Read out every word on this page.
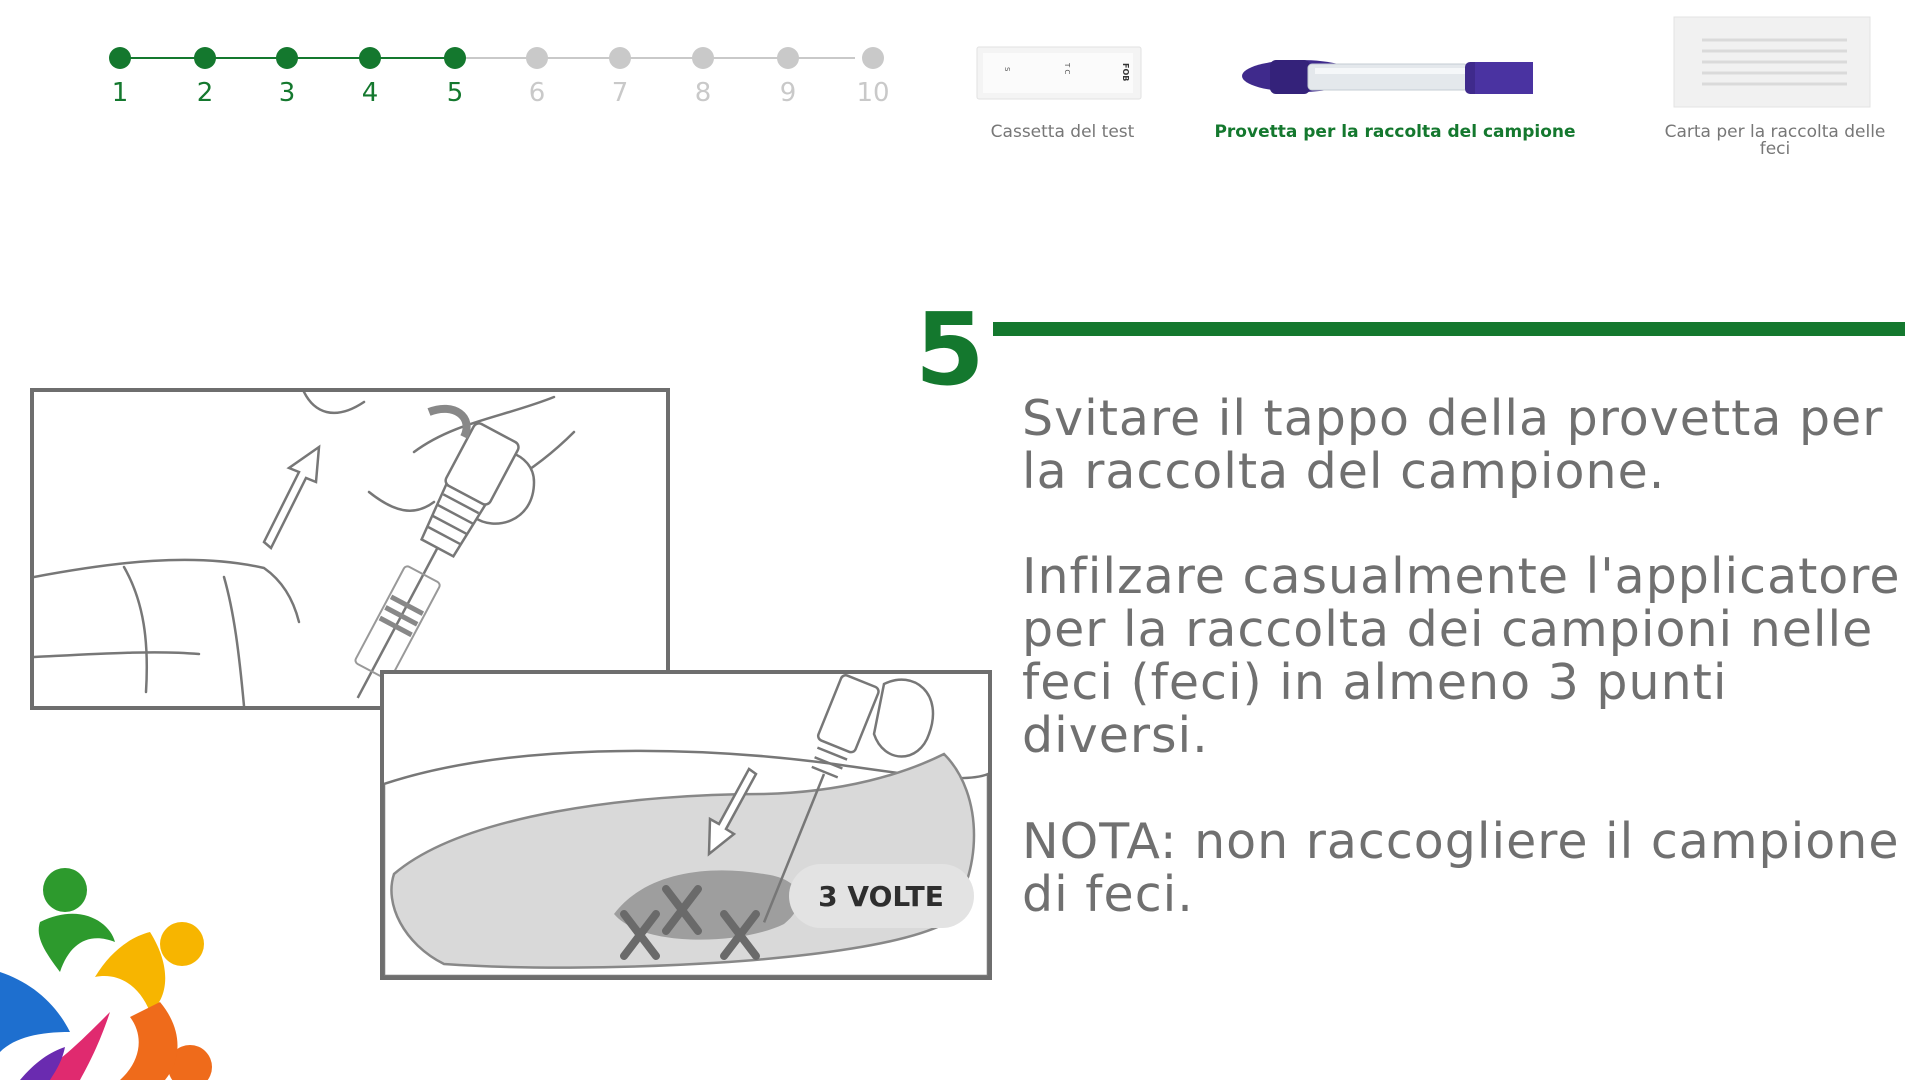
1	2	3	4	5	6	7	8	9	10
S	T C	FOB
Cassetta del test	Provetta per la raccolta del campione	Carta per la raccolta delle feci
5

Svitare il tappo della provetta per la raccolta del campione.

Infilzare casualmente l'applicatore per la raccolta dei campioni nelle feci (feci) in almeno 3 punti diversi.

NOTA: non raccogliere il campione di feci.

3 VOLTE
